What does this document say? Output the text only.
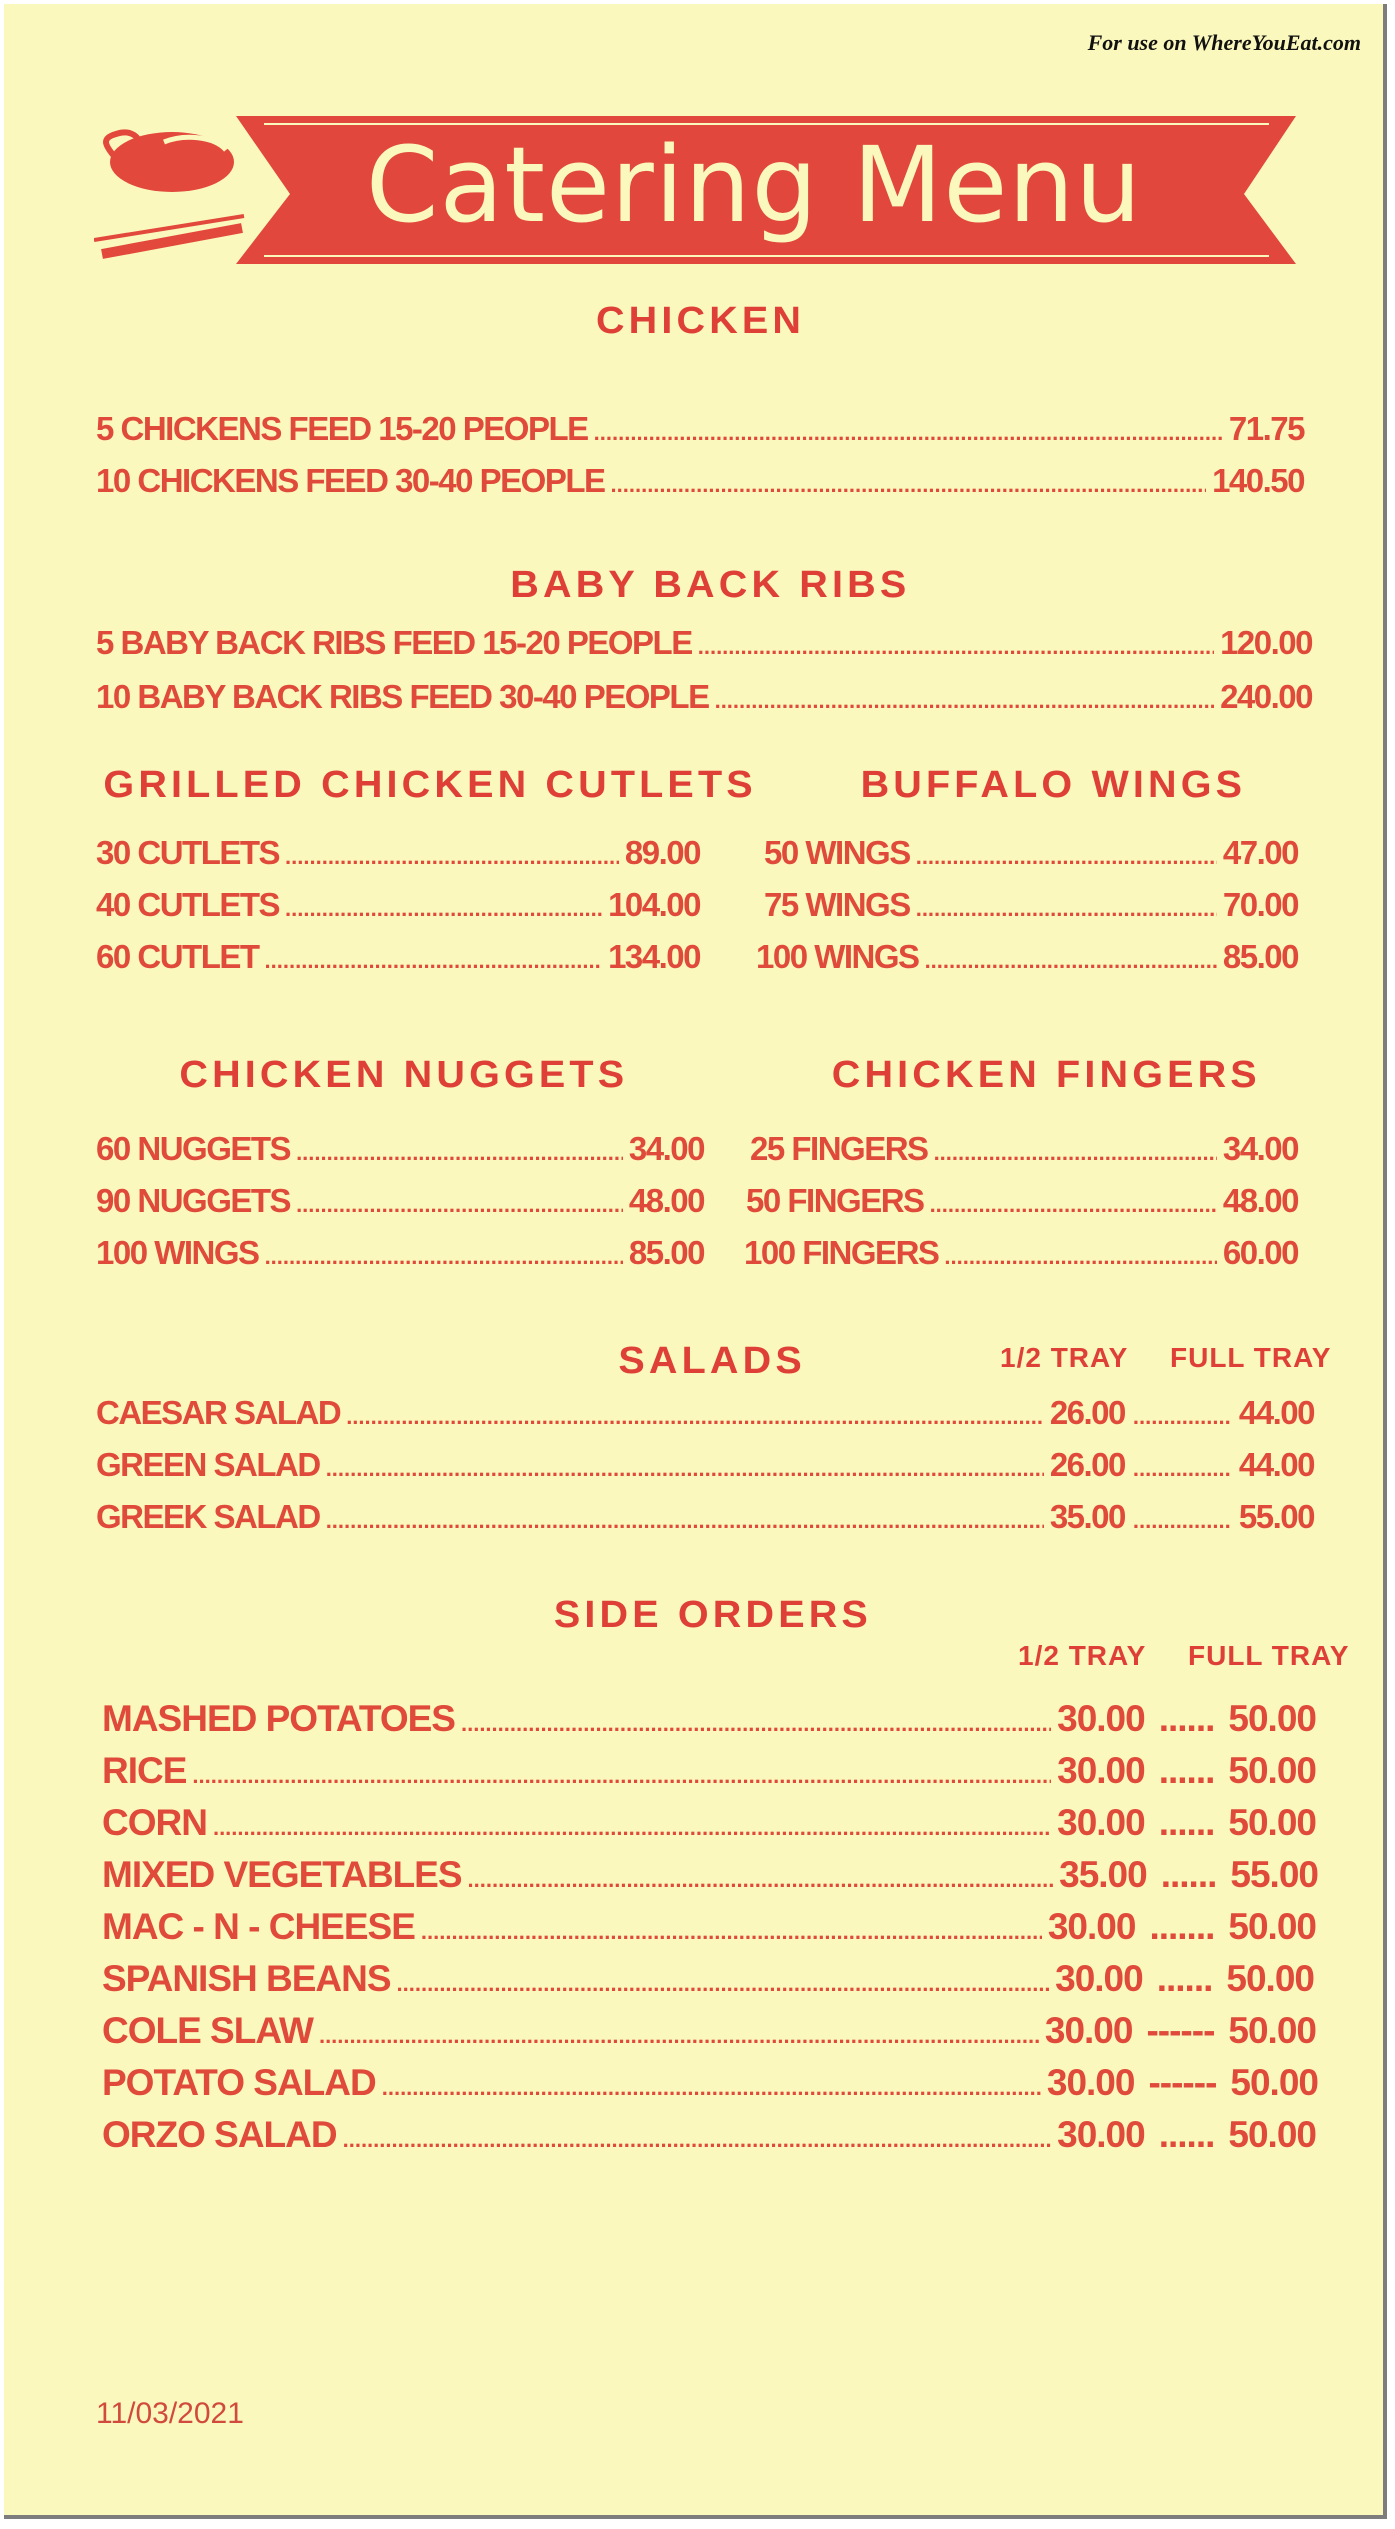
For use on WhereYouEat.com
Catering Menu
CHICKEN
5 CHICKENS FEED 15-20 PEOPLE .....	71.75
10 CHICKENS FEED 30-40 PEOPLE .....	140.50
BABY BACK RIBS
5 BABY BACK RIBS FEED 15-20 PEOPLE .....	120.00
10 BABY BACK RIBS FEED 30-40 PEOPLE .....	240.00
GRILLED CHICKEN CUTLETS
30 CUTLETS .....	89.00
40 CUTLETS .....	104.00
60 CUTLET .....	134.00
BUFFALO WINGS
50 WINGS .....	47.00
75 WINGS .....	70.00
100 WINGS .....	85.00
CHICKEN NUGGETS
60 NUGGETS .....	34.00
90 NUGGETS .....	48.00
100 WINGS .....	85.00
CHICKEN FINGERS
25 FINGERS .....	34.00
50 FINGERS .....	48.00
100 FINGERS .....	60.00
SALADS	1/2 TRAY FULL TRAY
CAESAR SALAD .....	26.00 .....	44.00
GREEN SALAD .....	26.00 .....	44.00
GREEK SALAD .....	35.00 .....	55.00
SIDE ORDERS
1/2 TRAY FULL TRAY
MASHED POTATOES .....	30.00 ...... 50.00
RICE .....	30.00 ...... 50.00
CORN .....	30.00 ...... 50.00
MIXED VEGETABLES .....	35.00 ...... 55.00
MAC - N - CHEESE .....	30.00 ....... 50.00
SPANISH BEANS .....	30.00 ...... 50.00
COLE SLAW .....	30.00 ------ 50.00
POTATO SALAD .....	30.00 ------ 50.00
ORZO SALAD .....	30.00 ...... 50.00
11/03/2021
